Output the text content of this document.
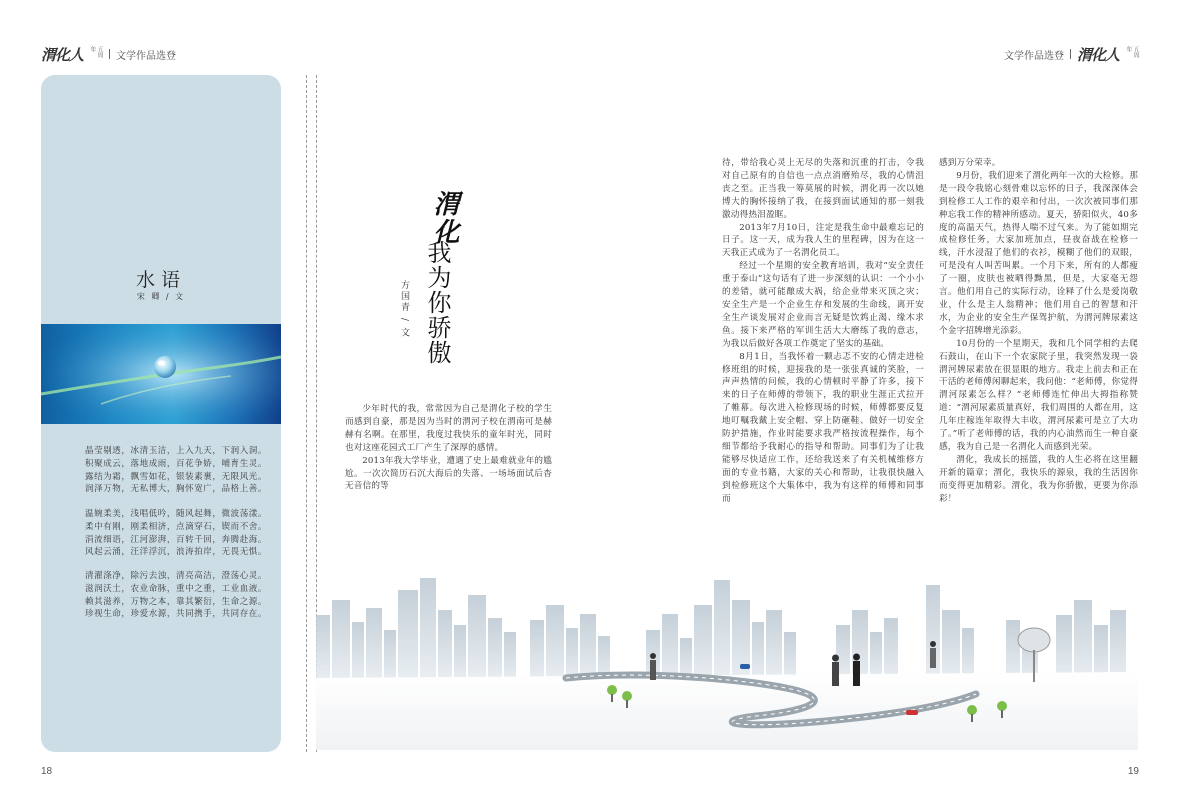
渭化人	五周年
文学作品选登	文学作品选登 渭化人	五周年
水语
宋 卿 / 文
晶莹剔透，冰清玉洁，上入九天，下润入洞。
积聚成云，落地成雨，百花争娇，哺育生灵。
露结为霜，飘雪如花，银装素裹，无限风光。
润泽万物，无私博大，胸怀宽广，品格上善。
温婉柔美，浅唱低吟，随风起舞，微波荡漾。
柔中有刚，刚柔相济，点滴穿石，锲而不舍。
涓流细语，江河澎湃，百转千回，奔腾赴海。
风起云涌，汪洋浮沉，浪涛拍岸，无畏无惧。
清濯涤净，除污去浊，清亮高洁，澄荡心灵。
滋润沃土，农业命脉，重中之重，工业血液。
赖其滋养，万物之本，靠其繁衍，生命之源。
珍视生命，珍爱水源，共同携手，共同存在。
渭化
我为你骄傲
方国青 / 文

少年时代的我，常常因为自己是渭化子校的学生而感到自豪，那是因为当时的渭河子校在渭南可是赫赫有名啊。在那里，我度过我快乐的童年时光，同时也对这座花园式工厂产生了深厚的感情。

2013年我大学毕业，遭遇了史上最难就业年的尴尬。一次次简历石沉大海后的失落、一场场面试后杳无音信的等

待，带给我心灵上无尽的失落和沉重的打击，令我对自己原有的自信也一点点消磨殆尽，我的心情沮丧之至。正当我一筹莫展的时候，渭化再一次以她博大的胸怀接纳了我，在接到面试通知的那一刻我激动得热泪盈眶。

2013年7月10日，注定是我生命中最难忘记的日子。这一天，成为我人生的里程碑，因为在这一天我正式成为了一名渭化员工。

经过一个星期的安全教育培训，我对“安全责任重于泰山”这句话有了进一步深刻的认识：一个小小的差错，就可能酿成大祸，给企业带来灭顶之灾；安全生产是一个企业生存和发展的生命线，离开安全生产谈发展对企业而言无疑是饮鸩止渴、缘木求鱼。接下来严格的军训生活大大磨练了我的意志，为我以后做好各项工作奠定了坚实的基础。

8月1日，当我怀着一颗忐忑不安的心情走进检修班组的时候，迎接我的是一张张真诚的笑脸，一声声热情的问候，我的心情顿时平静了许多，接下来的日子在师傅的带领下，我的职业生涯正式拉开了帷幕。每次进入检修现场的时候，师傅都要反复地叮嘱我戴上安全帽、穿上防砸鞋、做好一切安全防护措施，作业时能要求我严格按流程操作，每个细节都给予我耐心的指导和帮助。同事们为了让我能够尽快适应工作，还给我送来了有关机械维修方面的专业书籍，大家的关心和帮助，让我很快融入到检修班这个大集体中，我为有这样的师傅和同事而

感到万分荣幸。

9月份，我们迎来了渭化两年一次的大检修。那是一段令我铭心刻骨难以忘怀的日子，我深深体会到检修工人工作的艰辛和付出，一次次被同事们那种忘我工作的精神所感动。夏天，骄阳似火，40多度的高温天气，热得人喘不过气来。为了能如期完成检修任务，大家加班加点，昼夜奋战在检修一线，汗水浸湿了他们的衣衫，模糊了他们的双眼，可是没有人叫苦叫累。一个月下来，所有的人都瘦了一圈，皮肤也被晒得黝黑，但是，大家毫无怨言。他们用自己的实际行动，诠释了什么是爱岗敬业，什么是主人翁精神；他们用自己的智慧和汗水，为企业的安全生产保驾护航，为渭河牌尿素这个金字招牌增光添彩。

10月份的一个星期天，我和几个同学相约去爬石鼓山，在山下一个农家院子里，我突然发现一袋渭河牌尿素放在很显眼的地方。我走上前去和正在干活的老师傅闲聊起来，我问他：“老师傅，你觉得渭河尿素怎么样？”老师傅连忙伸出大拇指称赞道：“渭河尿素质量真好，我们周围的人都在用，这几年庄稼连年取得大丰收，渭河尿素可是立了大功了。”听了老师傅的话，我的内心油然而生一种自豪感，我为自己是一名渭化人而感到光荣。

渭化，我成长的摇篮，我的人生必将在这里翻开新的篇章；渭化，我快乐的源泉，我的生活因你而变得更加精彩。渭化，我为你骄傲，更要为你添彩！

18	19
